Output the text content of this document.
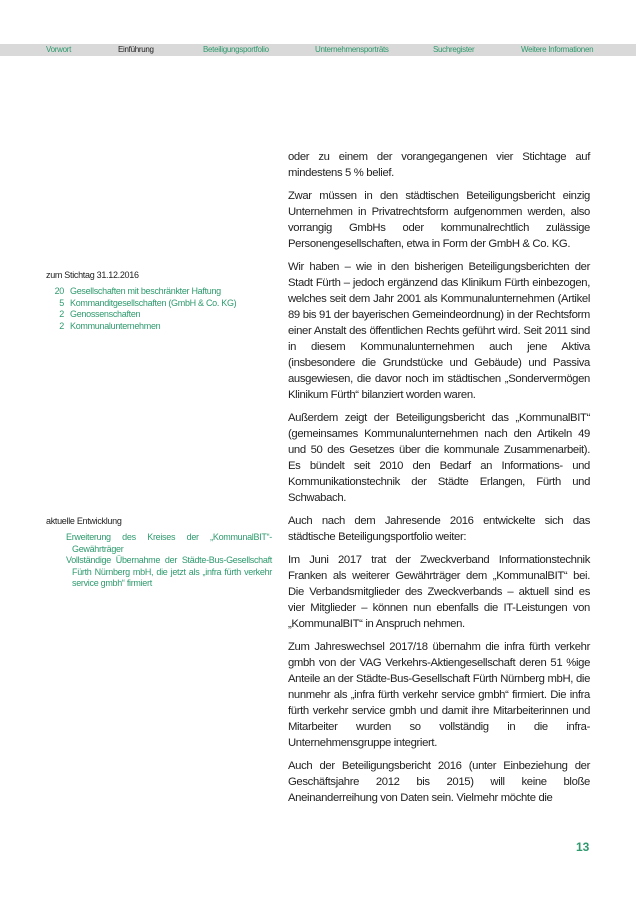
Vorwort	Einführung	Beteiligungsportfolio	Unternehmensporträts	Suchregister	Weitere Informationen
zum Stichtag 31.12.2016
20 Gesellschaften mit beschränkter Haftung
5 Kommanditgesellschaften (GmbH & Co. KG)
2 Genossenschaften
2 Kommunalunternehmen
aktuelle Entwicklung
Erweiterung des Kreises der „KommunalBIT“-Gewährträger
Vollständige Übernahme der Städte-Bus-Gesellschaft Fürth Nürnberg mbH, die jetzt als „infra fürth verkehr service gmbh“ firmiert

oder zu einem der vorangegangenen vier Stichtage auf mindestens 5 % belief.

Zwar müssen in den städtischen Beteiligungsbericht einzig Unternehmen in Privatrechtsform aufgenommen werden, also vorrangig GmbHs oder kommunalrechtlich zulässige Personengesellschaften, etwa in Form der GmbH & Co. KG.

Wir haben – wie in den bisherigen Beteiligungsberichten der Stadt Fürth – jedoch ergänzend das Klinikum Fürth einbezogen, welches seit dem Jahr 2001 als Kommunalunternehmen (Artikel 89 bis 91 der bayerischen Gemeindeordnung) in der Rechtsform einer Anstalt des öffentlichen Rechts geführt wird. Seit 2011 sind in diesem Kommunalunternehmen auch jene Aktiva (insbesondere die Grundstücke und Gebäude) und Passiva ausgewiesen, die davor noch im städtischen „Sondervermögen Klinikum Fürth“ bilanziert worden waren.

Außerdem zeigt der Beteiligungsbericht das „KommunalBIT“ (gemeinsames Kommunalunternehmen nach den Artikeln 49 und 50 des Gesetzes über die kommunale Zusammenarbeit). Es bündelt seit 2010 den Bedarf an Informations- und Kommunikationstechnik der Städte Erlangen, Fürth und Schwabach.

Auch nach dem Jahresende 2016 entwickelte sich das städtische Beteiligungsportfolio weiter:

Im Juni 2017 trat der Zweckverband Informationstechnik Franken als weiterer Gewährträger dem „KommunalBIT“ bei. Die Verbandsmitglieder des Zweckverbands – aktuell sind es vier Mitglieder – können nun ebenfalls die IT-Leistungen von „KommunalBIT“ in Anspruch nehmen.

Zum Jahreswechsel 2017/18 übernahm die infra fürth verkehr gmbh von der VAG Verkehrs-Aktiengesellschaft deren 51 %ige Anteile an der Städte-Bus-Gesellschaft Fürth Nürnberg mbH, die nunmehr als „infra fürth verkehr service gmbh“ firmiert. Die infra fürth verkehr service gmbh und damit ihre Mitarbeiterinnen und Mitarbeiter wurden so vollständig in die infra-Unternehmensgruppe integriert.

Auch der Beteiligungsbericht 2016 (unter Einbeziehung der Geschäftsjahre 2012 bis 2015) will keine bloße Aneinanderreihung von Daten sein. Vielmehr möchte die

13
